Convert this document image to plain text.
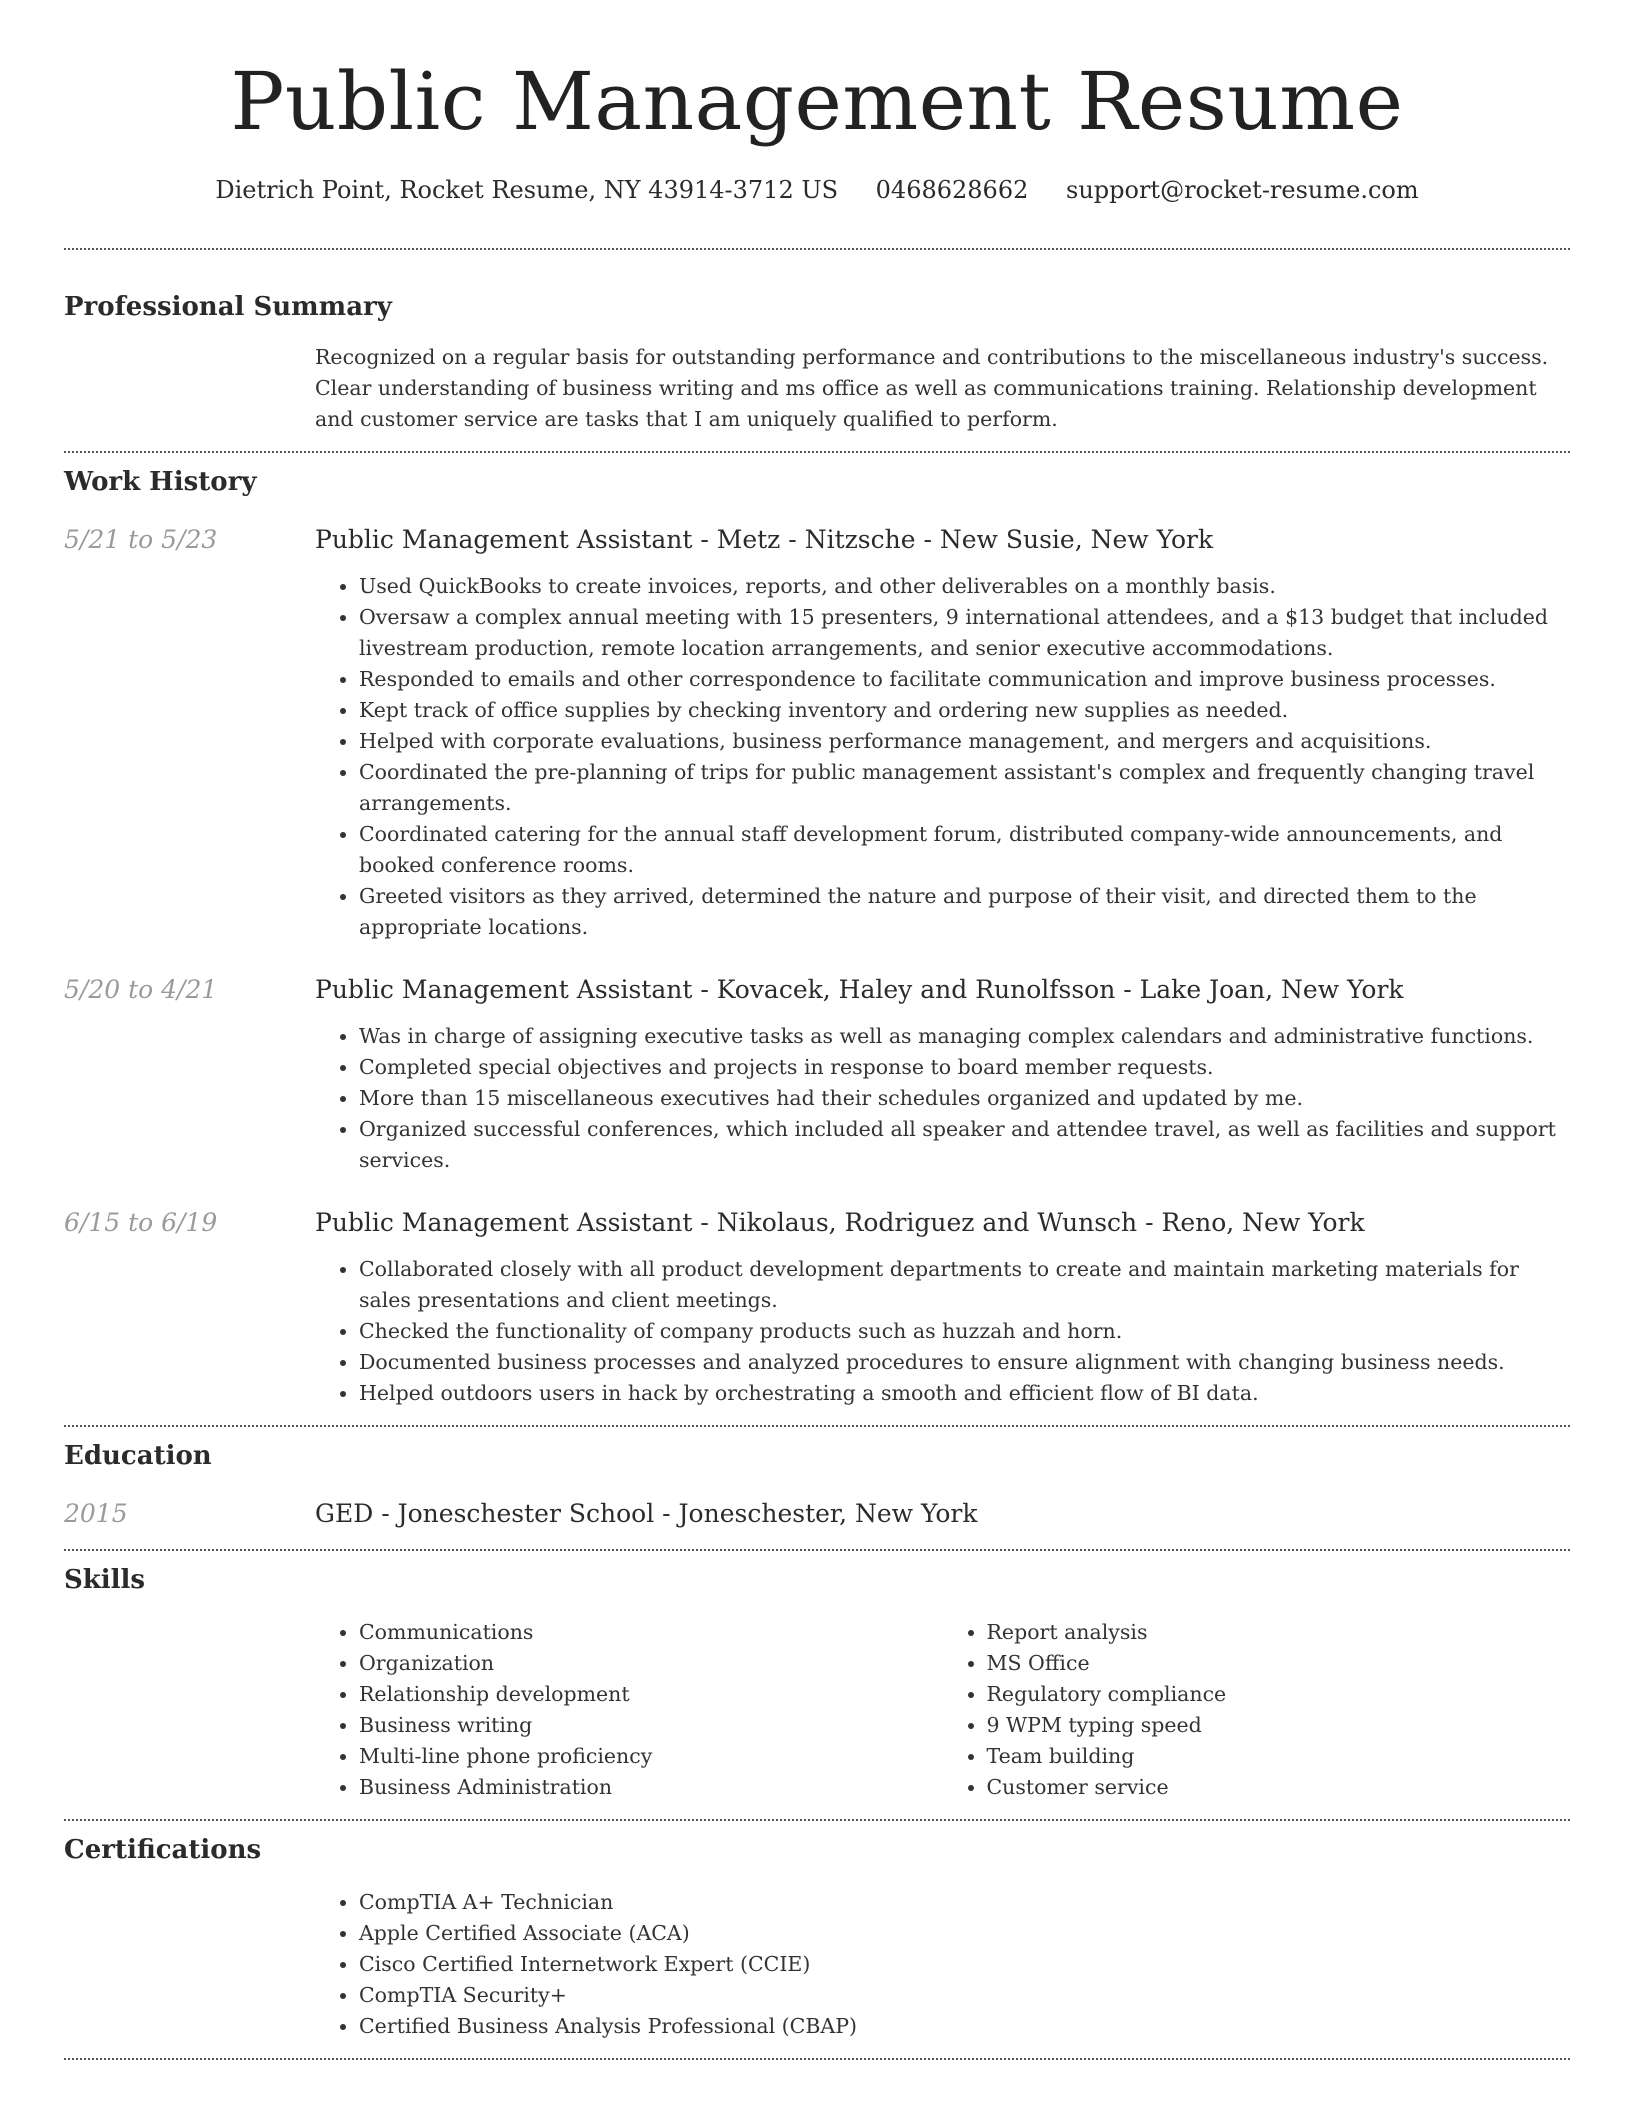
Public Management Resume
Dietrich Point, Rocket Resume, NY 43914-3712 US 0468628662 support@rocket-resume.com
Professional Summary
Recognized on a regular basis for outstanding performance and contributions to the miscellaneous industry's success. Clear understanding of business writing and ms office as well as communications training. Relationship development and customer service are tasks that I am uniquely qualified to perform.
Work History
5/21 to 5/23	Public Management Assistant - Metz - Nitzsche - New Susie, New York
• Used QuickBooks to create invoices, reports, and other deliverables on a monthly basis.
• Oversaw a complex annual meeting with 15 presenters, 9 international attendees, and a $13 budget that included livestream production, remote location arrangements, and senior executive accommodations.
• Responded to emails and other correspondence to facilitate communication and improve business processes.
• Kept track of office supplies by checking inventory and ordering new supplies as needed.
• Helped with corporate evaluations, business performance management, and mergers and acquisitions.
• Coordinated the pre-planning of trips for public management assistant's complex and frequently changing travel arrangements.
• Coordinated catering for the annual staff development forum, distributed company-wide announcements, and booked conference rooms.
• Greeted visitors as they arrived, determined the nature and purpose of their visit, and directed them to the appropriate locations.
5/20 to 4/21	Public Management Assistant - Kovacek, Haley and Runolfsson - Lake Joan, New York
• Was in charge of assigning executive tasks as well as managing complex calendars and administrative functions.
• Completed special objectives and projects in response to board member requests.
• More than 15 miscellaneous executives had their schedules organized and updated by me.
• Organized successful conferences, which included all speaker and attendee travel, as well as facilities and support services.
6/15 to 6/19	Public Management Assistant - Nikolaus, Rodriguez and Wunsch - Reno, New York
• Collaborated closely with all product development departments to create and maintain marketing materials for sales presentations and client meetings.
• Checked the functionality of company products such as huzzah and horn.
• Documented business processes and analyzed procedures to ensure alignment with changing business needs.
• Helped outdoors users in hack by orchestrating a smooth and efficient flow of BI data.
Education
2015	GED - Joneschester School - Joneschester, New York
Skills
• Communications
• Organization
• Relationship development
• Business writing
• Multi-line phone proficiency
• Business Administration
• Report analysis
• MS Office
• Regulatory compliance
• 9 WPM typing speed
• Team building
• Customer service
Certifications
• CompTIA A+ Technician
• Apple Certified Associate (ACA)
• Cisco Certified Internetwork Expert (CCIE)
• CompTIA Security+
• Certified Business Analysis Professional (CBAP)
